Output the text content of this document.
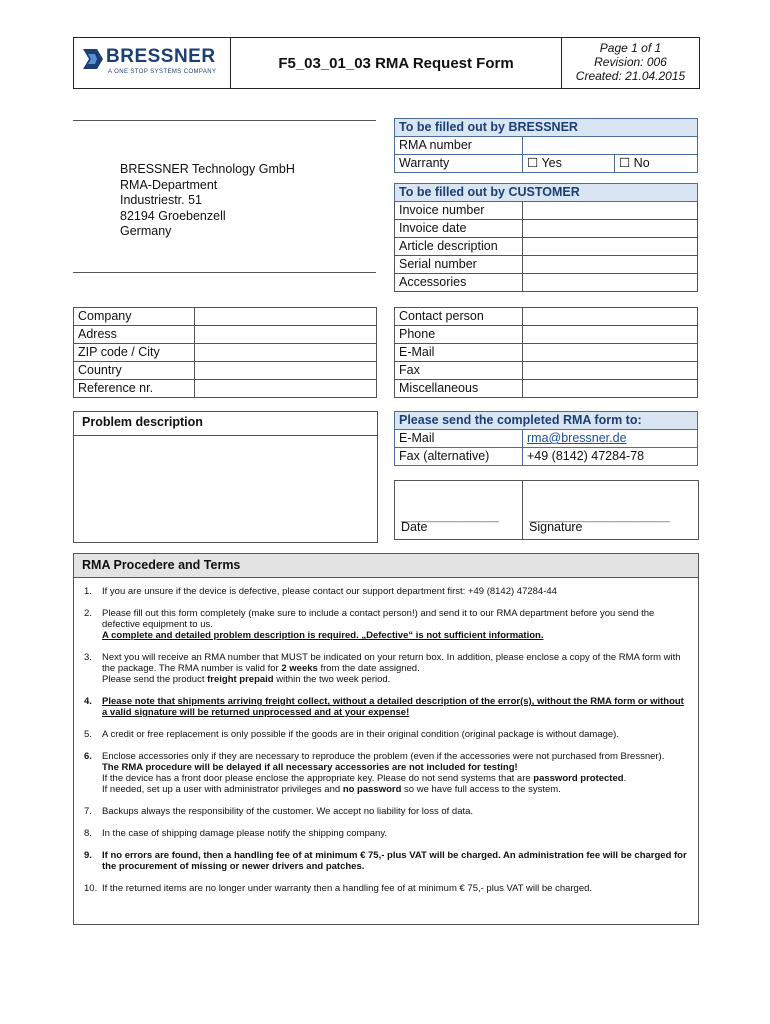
BRESSNER
A ONE STOP SYSTEMS COMPANY
F5_03_01_03 RMA Request Form
Page 1 of 1
Revision: 006
Created: 21.04.2015
BRESSNER Technology GmbH
RMA-Department
Industriestr. 51
82194 Groebenzell
Germany
To be filled out by BRESSNER		
RMA number		
Warranty	☐ Yes	☐ No
To be filled out by CUSTOMER	
Invoice number	
Invoice date	
Article description	
Serial number	
Accessories	
Company	
Adress	
ZIP code / City	
Country	
Reference nr.	
Contact person	
Phone	
E-Mail	
Fax	
Miscellaneous	
Problem description	Please send the completed RMA form to:	
E-Mail	rma@bressner.de
Fax (alternative)	+49 (8142) 47284-78
________________	_______________________
Date	Signature
RMA Procedere and Terms
1.	If you are unsure if the device is defective, please contact our support department first: +49 (8142) 47284-44
2.	Please fill out this form completely (make sure to include a contact person!) and send it to our RMA department before you send the defective equipment to us.
A complete and detailed problem description is required. „Defective“ is not sufficient information.
3.	Next you will receive an RMA number that MUST be indicated on your return box. In addition, please enclose a copy of the RMA form with the package. The RMA number is valid for 2 weeks from the date assigned.
Please send the product freight prepaid within the two week period.
4.	Please note that shipments arriving freight collect, without a detailed description of the error(s), without the RMA form or without a valid signature will be returned unprocessed and at your expense!
5.	A credit or free replacement is only possible if the goods are in their original condition (original package is without damage).
6.	Enclose accessories only if they are necessary to reproduce the problem (even if the accessories were not purchased from Bressner).
The RMA procedure will be delayed if all necessary accessories are not included for testing!
If the device has a front door please enclose the appropriate key. Please do not send systems that are password protected.
If needed, set up a user with administrator privileges and no password so we have full access to the system.
7.	Backups always the responsibility of the customer. We accept no liability for loss of data.
8.	In the case of shipping damage please notify the shipping company.
9.	If no errors are found, then a handling fee of at minimum € 75,- plus VAT will be charged. An administration fee will be charged for the procurement of missing or newer drivers and patches.
10. If the returned items are no longer under warranty then a handling fee of at minimum € 75,- plus VAT will be charged.
